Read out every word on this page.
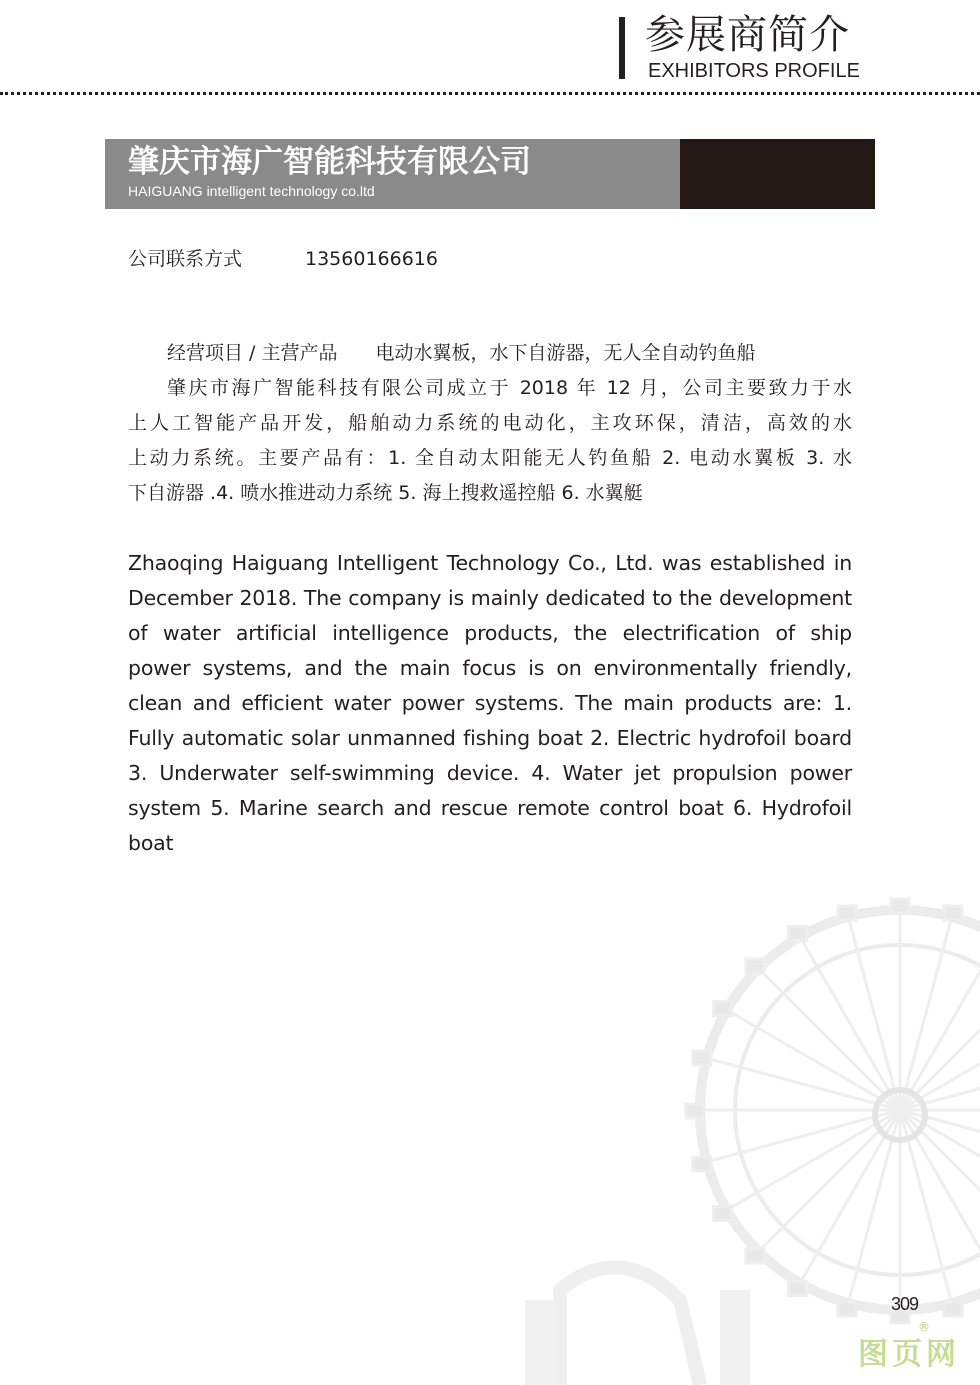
参展商简介
EXHIBITORS PROFILE
肇庆市海广智能科技有限公司
HAIGUANG intelligent technology co.ltd
公司联系方式	13560166616
经营项目 / 主营产品　　电动水翼板，水下自游器，无人全自动钓鱼船
肇庆市海广智能科技有限公司成立于 2018 年 12 月，公司主要致力于水
上人工智能产品开发，船舶动力系统的电动化，主攻环保，清洁，高效的水
上动力系统。主要产品有：1. 全自动太阳能无人钓鱼船 2. 电动水翼板 3. 水
下自游器 .4. 喷水推进动力系统 5. 海上搜救遥控船 6. 水翼艇
Zhaoqing Haiguang Intelligent Technology Co., Ltd. was established in
December 2018. The company is mainly dedicated to the development
of water artificial intelligence products, the electrification of ship
power systems, and the main focus is on environmentally friendly,
clean and efficient water power systems. The main products are: 1.
Fully automatic solar unmanned fishing boat 2. Electric hydrofoil board
3. Underwater self-swimming device. 4. Water jet propulsion power
system 5. Marine search and rescue remote control boat 6. Hydrofoil
boat
309
图页网
®
